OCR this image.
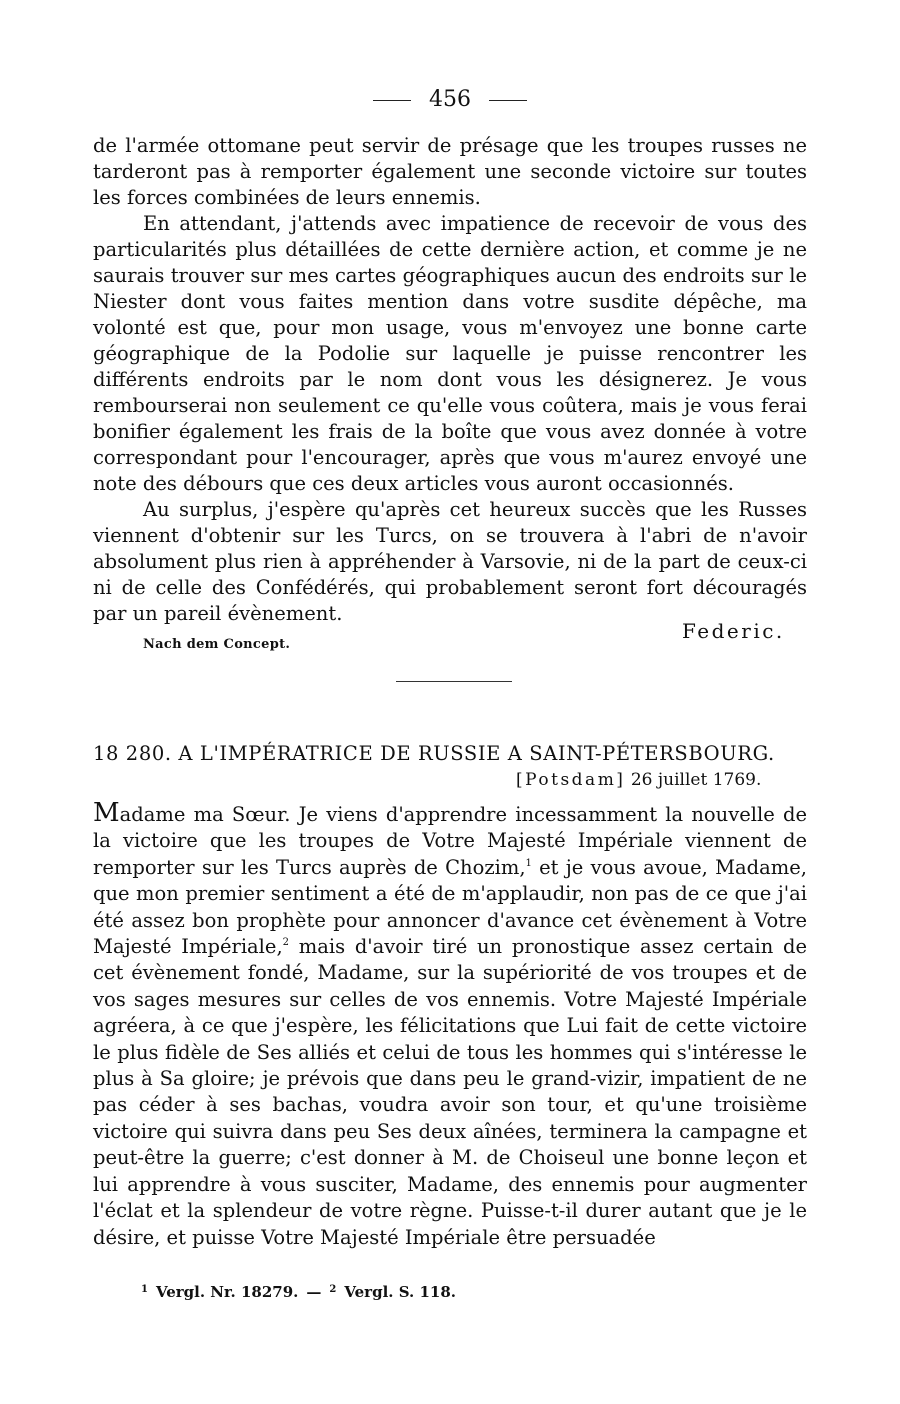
456

de l'armée ottomane peut servir de présage que les troupes russes ne tarderont pas à remporter également une seconde victoire sur toutes les forces combinées de leurs ennemis.

En attendant, j'attends avec impatience de recevoir de vous des particularités plus détaillées de cette dernière action, et comme je ne saurais trouver sur mes cartes géographiques aucun des endroits sur le Niester dont vous faites mention dans votre susdite dépêche, ma volonté est que, pour mon usage, vous m'envoyez une bonne carte géographique de la Podolie sur laquelle je puisse rencontrer les différents endroits par le nom dont vous les désignerez. Je vous rembourserai non seulement ce qu'elle vous coûtera, mais je vous ferai bonifier également les frais de la boîte que vous avez donnée à votre correspondant pour l'encourager, après que vous m'aurez envoyé une note des débours que ces deux articles vous auront occasionnés.

Au surplus, j'espère qu'après cet heureux succès que les Russes viennent d'obtenir sur les Turcs, on se trouvera à l'abri de n'avoir absolument plus rien à appréhender à Varsovie, ni de la part de ceux-ci ni de celle des Confédérés, qui probablement seront fort découragés par un pareil évènement.

Federic.
Nach dem Concept.
18 280. A L'IMPÉRATRICE DE RUSSIE A SAINT-PÉTERSBOURG.
[Potsdam] 26 juillet 1769.

Madame ma Sœur. Je viens d'apprendre incessamment la nouvelle de la victoire que les troupes de Votre Majesté Impériale viennent de remporter sur les Turcs auprès de Chozim,$^1$ et je vous avoue, Madame, que mon premier sentiment a été de m'applaudir, non pas de ce que j'ai été assez bon prophète pour annoncer d'avance cet évènement à Votre Majesté Impériale,$^2$ mais d'avoir tiré un pronostique assez certain de cet évènement fondé, Madame, sur la supériorité de vos troupes et de vos sages mesures sur celles de vos ennemis. Votre Majesté Impériale agréera, à ce que j'espère, les félicitations que Lui fait de cette victoire le plus fidèle de Ses alliés et celui de tous les hommes qui s'intéresse le plus à Sa gloire; je prévois que dans peu le grand-vizir, impatient de ne pas céder à ses bachas, voudra avoir son tour, et qu'une troisième victoire qui suivra dans peu Ses deux aînées, terminera la campagne et peut-être la guerre; c'est donner à M. de Choiseul une bonne leçon et lui apprendre à vous susciter, Madame, des ennemis pour augmenter l'éclat et la splendeur de votre règne. Puisse-t-il durer autant que je le désire, et puisse Votre Majesté Impériale être persuadée

$^1$ Vergl. Nr. 18279. — $^2$ Vergl. S. 118.
